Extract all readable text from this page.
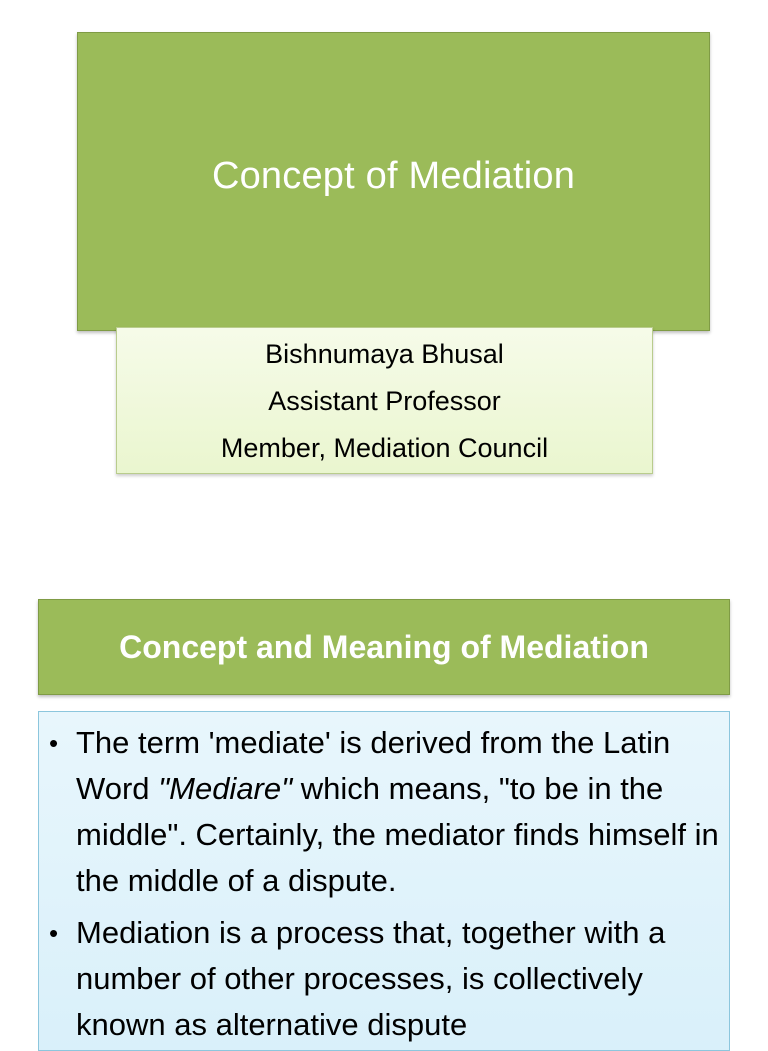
Concept of Mediation
Bishnumaya Bhusal
Assistant Professor
Member, Mediation Council
Concept and Meaning of Mediation
• The term 'mediate' is derived from the Latin Word "Mediare" which means, "to be in the middle". Certainly, the mediator finds himself in the middle of a dispute.
• Mediation is a process that, together with a number of other processes, is collectively known as alternative dispute
